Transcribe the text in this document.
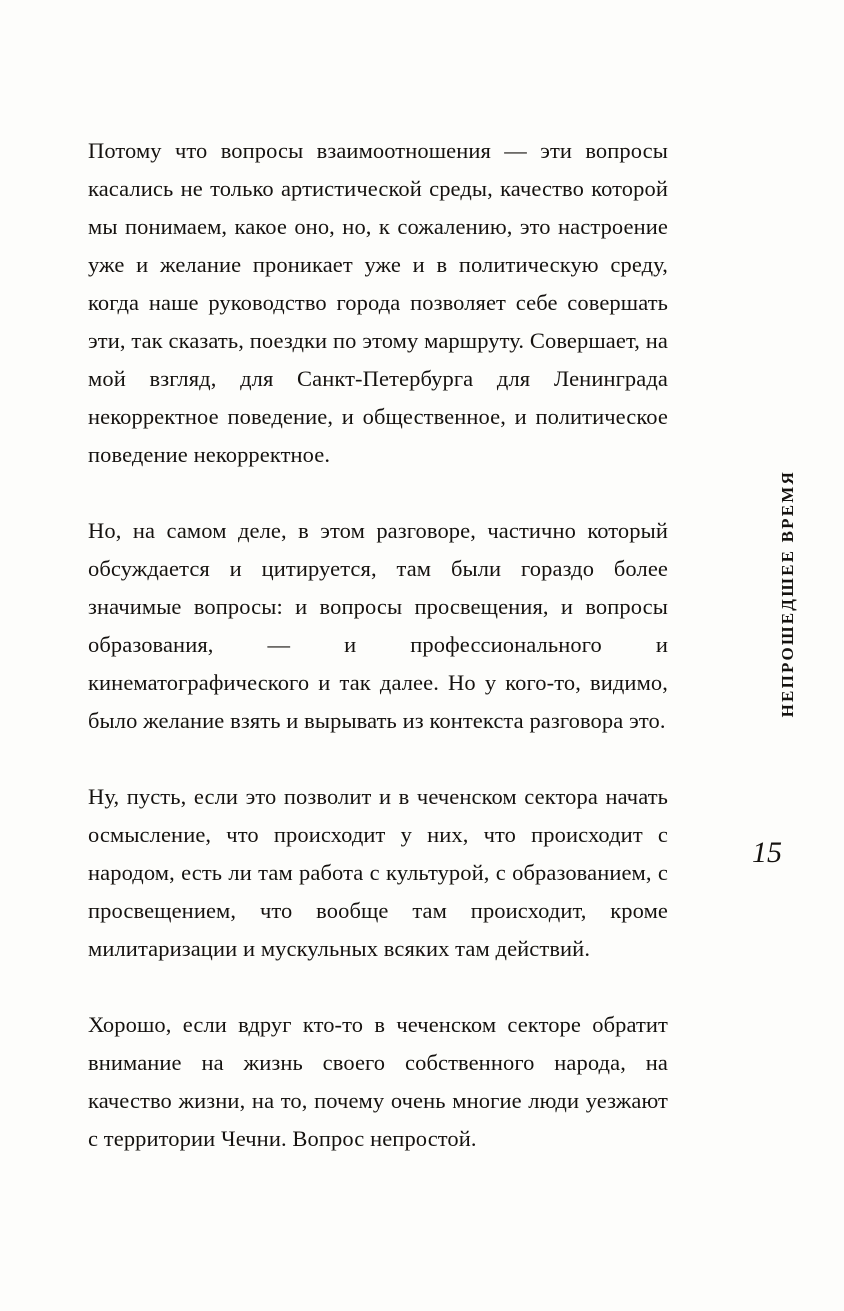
Потому что вопросы взаимоотношения — эти вопросы касались не только артистической среды, качество которой мы понимаем, какое оно, но, к сожалению, это настроение уже и желание проникает уже и в политическую среду, когда наше руководство города позволяет себе совершать эти, так сказать, поездки по этому маршруту. Совершает, на мой взгляд, для Санкт-Петербурга для Ленинграда некорректное поведение, и общественное, и политическое поведение некорректное.

Но, на самом деле, в этом разговоре, частично который обсуждается и цитируется, там были гораздо более значимые вопросы: и вопросы просвещения, и вопросы образования, — и профессионального и кинематографического и так далее. Но у кого-то, видимо, было желание взять и вырывать из контекста разговора это.

Ну, пусть, если это позволит и в чеченском сектора начать осмысление, что происходит у них, что происходит с народом, есть ли там работа с культурой, с образованием, с просвещением, что вообще там происходит, кроме милитаризации и мускульных всяких там действий.

Хорошо, если вдруг кто-то в чеченском секторе обратит внимание на жизнь своего собственного народа, на качество жизни, на то, почему очень многие люди уезжают с территории Чечни. Вопрос непростой.

НЕПРОШЕДШЕЕ ВРЕМЯ
15
